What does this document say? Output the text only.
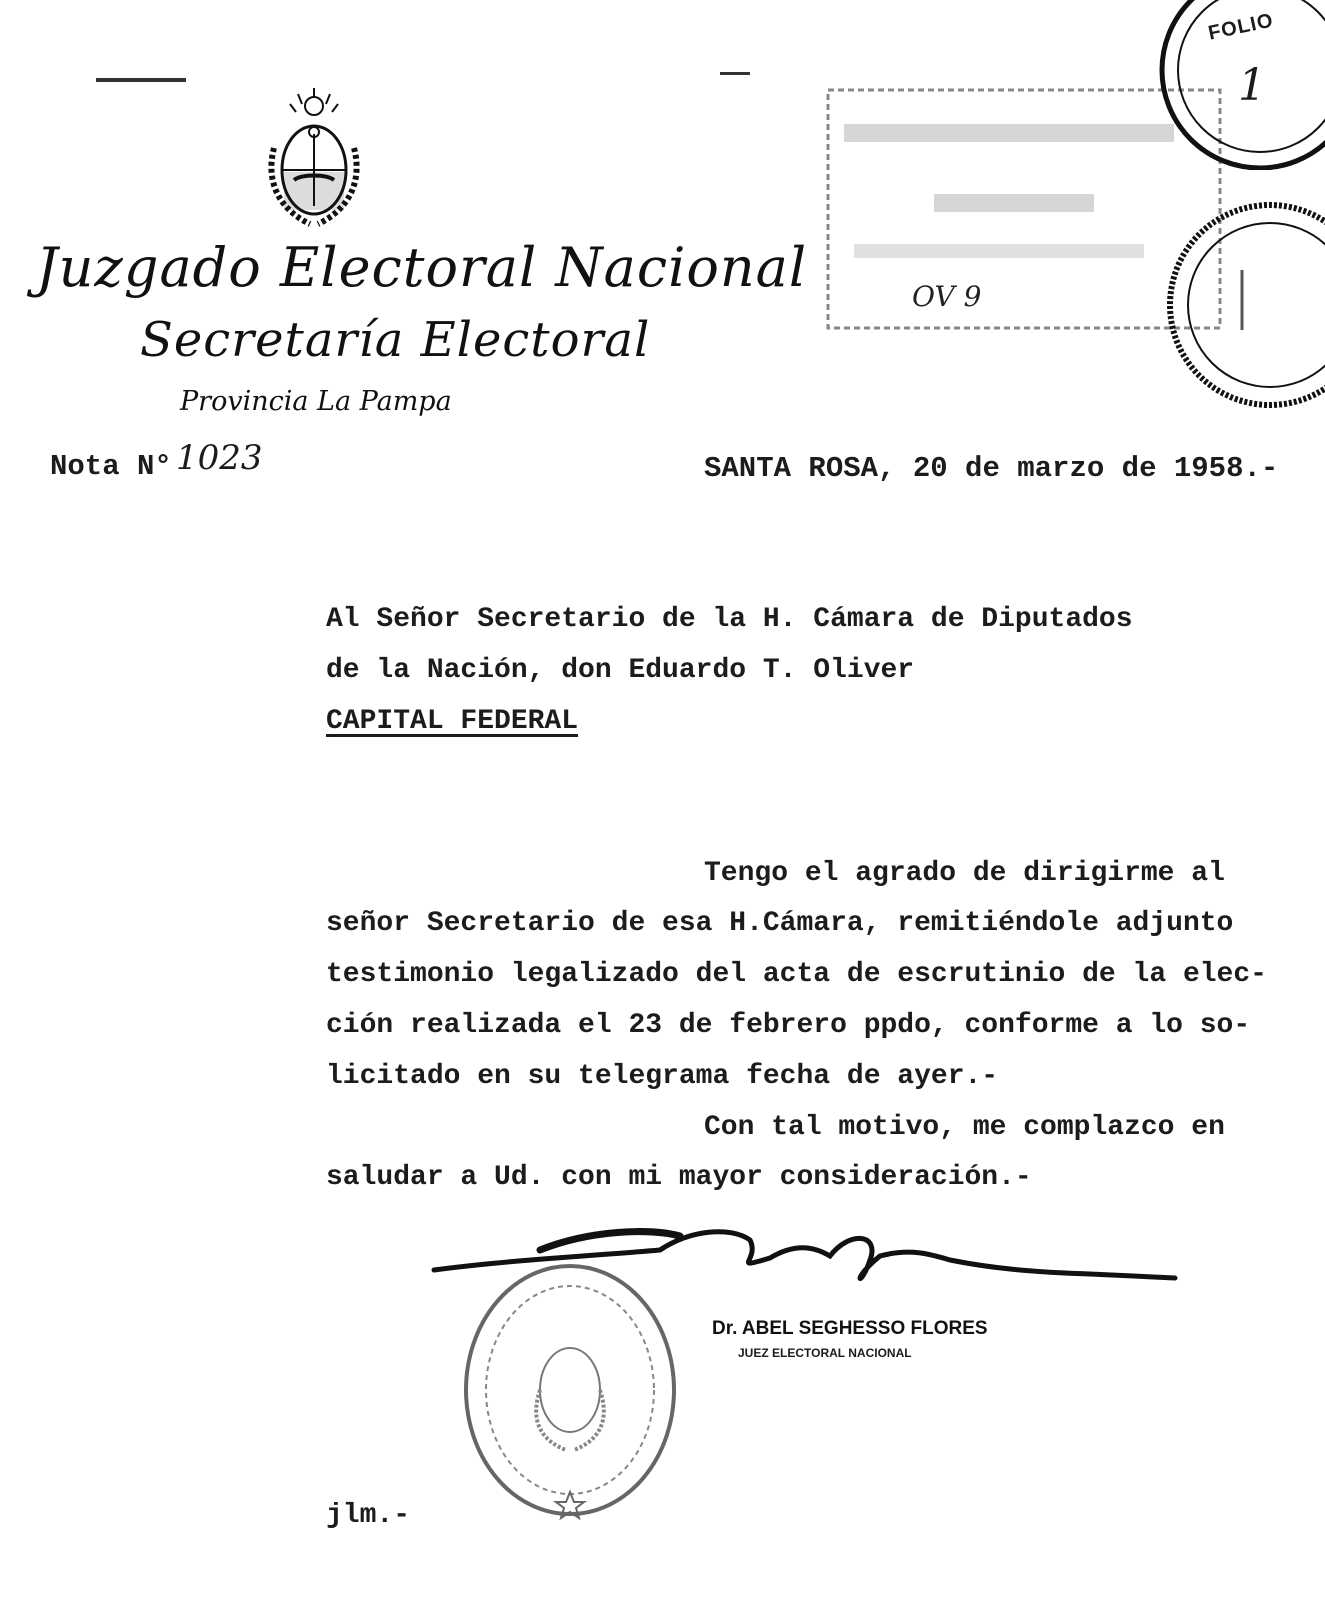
Juzgado Electoral Nacional
Secretaría Electoral
Provincia La Pampa
OV 9
FOLIO
1
Nota N° 1023	SANTA ROSA, 20 de marzo de 1958.-
Al Señor Secretario de la H. Cámara de Diputados
de la Nación, don Eduardo T. Oliver
CAPITAL FEDERAL
Tengo el agrado de dirigirme al
señor Secretario de esa H.Cámara, remitiéndole adjunto
testimonio legalizado del acta de escrutinio de la elec-
ción realizada el 23 de febrero ppdo, conforme a lo so-
licitado en su telegrama fecha de ayer.-
Con tal motivo, me complazco en
saludar a Ud. con mi mayor consideración.-
Dr. ABEL SEGHESSO FLORES
JUEZ ELECTORAL NACIONAL
jlm.-
